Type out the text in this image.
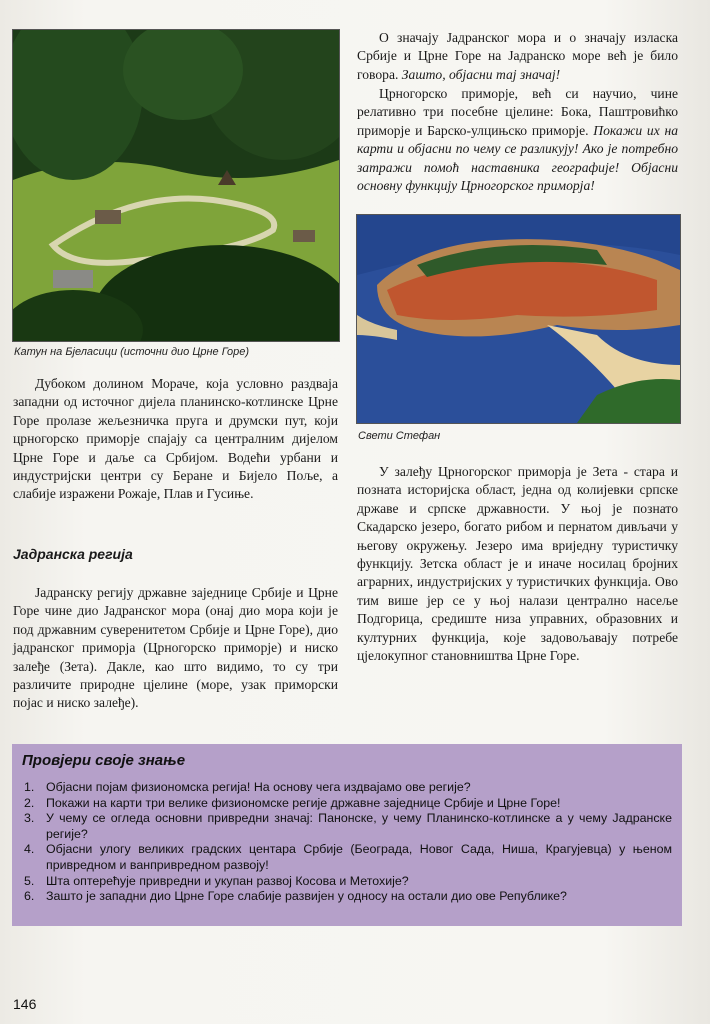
Катун на Бјеласици (источни дио Црне Горе)

О значају Јадранског мора и о значају излаcка Србије и Црне Горе на Јадранско море већ је било говора. Зашто, објасни тај значај!

Црногорско приморје, већ си научио, чине релативно три посебне цјелине: Бока, Паштровићко приморје и Барско-улцињско приморје. Покажи их на карти и објасни по чему се разликују! Ако је потребно затражи помоћ наставника географије! Објасни основну функцију Црногорског приморја!

Свети Стефан

Дубоком долином Мораче, која условно раздваја западни од источног дијела планинско-котлинске Црне Горе пролазе жељезничка пруга и друмски пут, који црногорско приморје спајају са централним дијелом Црне Горе и даље са Србијом. Водећи урбани и индустријски центри су Беране и Бијело Поље, а слабије изражени Рожаје, Плав и Гусиње.

Јадранска регија

Јадранску регију државне заједнице Србије и Црне Горе чине дио Јадранског мора (онај дио мора који је под државним суверенитетом Србије и Црне Горе), дио јадранског приморја (Црногорско приморје) и ниско залеђе (Зета). Дакле, као што видимо, то су три различите природне цјелине (море, узак приморски појас и ниско залеђе).

У залеђу Црногорског приморја је Зета - стара и позната историјска област, једна од колијевки српске државе и српске државности. У њој је познато Скадарско језеро, богато рибом и пернатом дивљачи у његову окружењу. Језеро има вриједну туристичку функцију. Зетска област је и иначе носилац бројних аграрних, индустријских у туристичких функција. Ово тим више јер се у њој налази централно насеље Подгорица, средиште низа управних, образовних и културних функција, које задовољавају потребе цјелокупног становништва Црне Горе.

Провјери своје знање
1. Објасни појам физиономска регија! На основу чега издвајамо ове регије?
2. Покажи на карти три велике физиономске регије државне заједнице Србије и Црне Горе!
3. У чему се огледа основни привредни значај: Панонске, у чему Планинско-котлинске а у чему Јадранске регије?
4. Објасни улогу великих градских центара Србије (Београда, Новог Сада, Ниша, Крагујевца) у њеном привредном и ванпривредном развоју!
5. Шта оптерећује привредни и укупан развој Косова и Метохије?
6. Зашто је западни дио Црне Горе слабије развијен у односу на остали дио ове Републике?
146
